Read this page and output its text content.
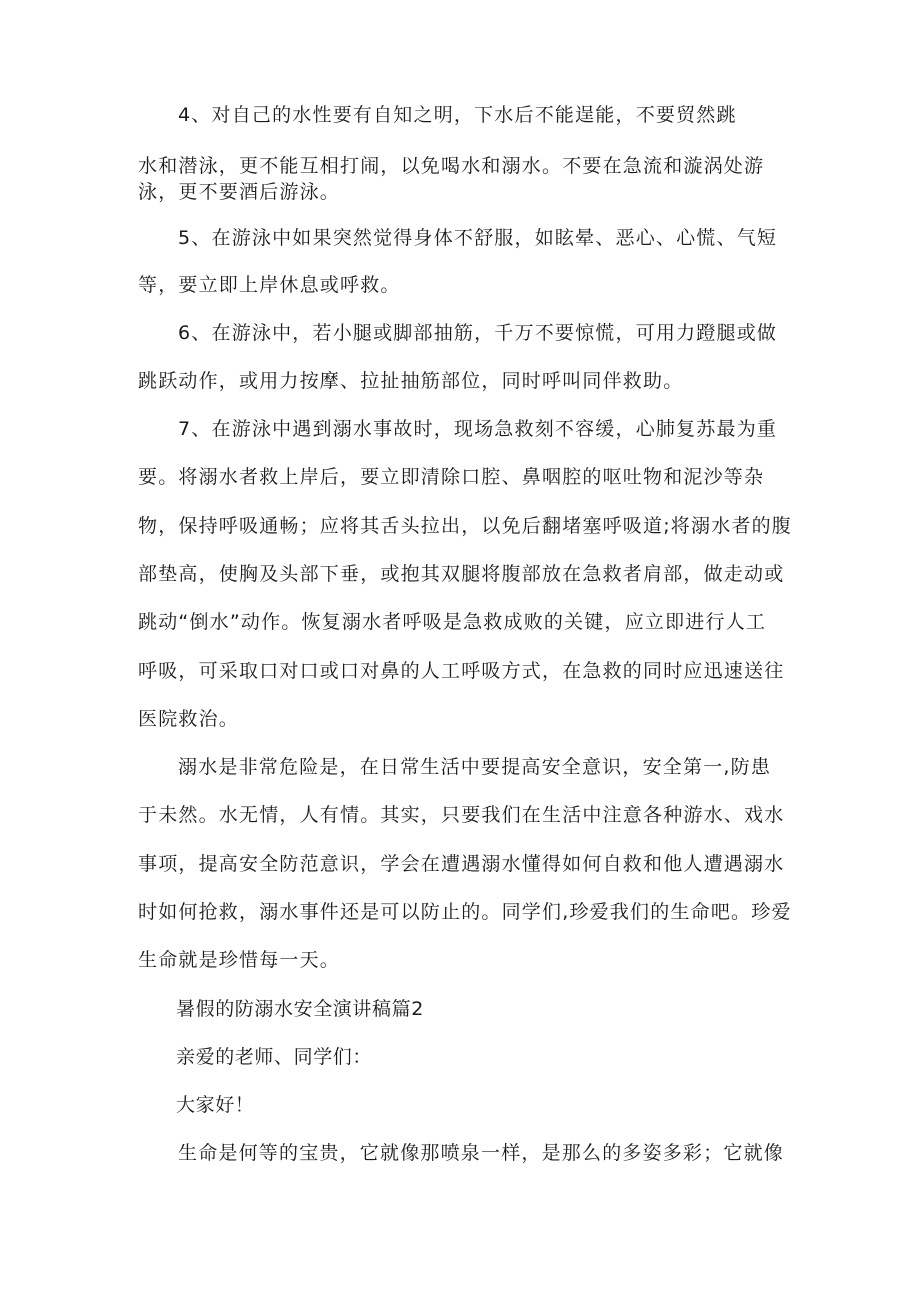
4、对自己的水性要有自知之明，下水后不能逞能，不要贸然跳

水和潜泳，更不能互相打闹，以免喝水和溺水。不要在急流和漩涡处游

泳，更不要酒后游泳。

5、在游泳中如果突然觉得身体不舒服，如眩晕、恶心、心慌、气短

等，要立即上岸休息或呼救。

6、在游泳中，若小腿或脚部抽筋，千万不要惊慌，可用力蹬腿或做

跳跃动作，或用力按摩、拉扯抽筋部位，同时呼叫同伴救助。

7、在游泳中遇到溺水事故时，现场急救刻不容缓，心肺复苏最为重

要。将溺水者救上岸后，要立即清除口腔、鼻咽腔的呕吐物和泥沙等杂

物，保持呼吸通畅；应将其舌头拉出，以免后翻堵塞呼吸道;将溺水者的腹

部垫高，使胸及头部下垂，或抱其双腿将腹部放在急救者肩部，做走动或

跳动“倒水”动作。恢复溺水者呼吸是急救成败的关键，应立即进行人工

呼吸，可采取口对口或口对鼻的人工呼吸方式，在急救的同时应迅速送往

医院救治。

溺水是非常危险是，在日常生活中要提高安全意识，安全第一,防患

于未然。水无情，人有情。其实，只要我们在生活中注意各种游水、戏水

事项，提高安全防范意识，学会在遭遇溺水懂得如何自救和他人遭遇溺水

时如何抢救，溺水事件还是可以防止的。同学们,珍爱我们的生命吧。珍爱

生命就是珍惜每一天。

暑假的防溺水安全演讲稿篇2

亲爱的老师、同学们：

大家好！

生命是何等的宝贵，它就像那喷泉一样，是那么的多姿多彩；它就像
